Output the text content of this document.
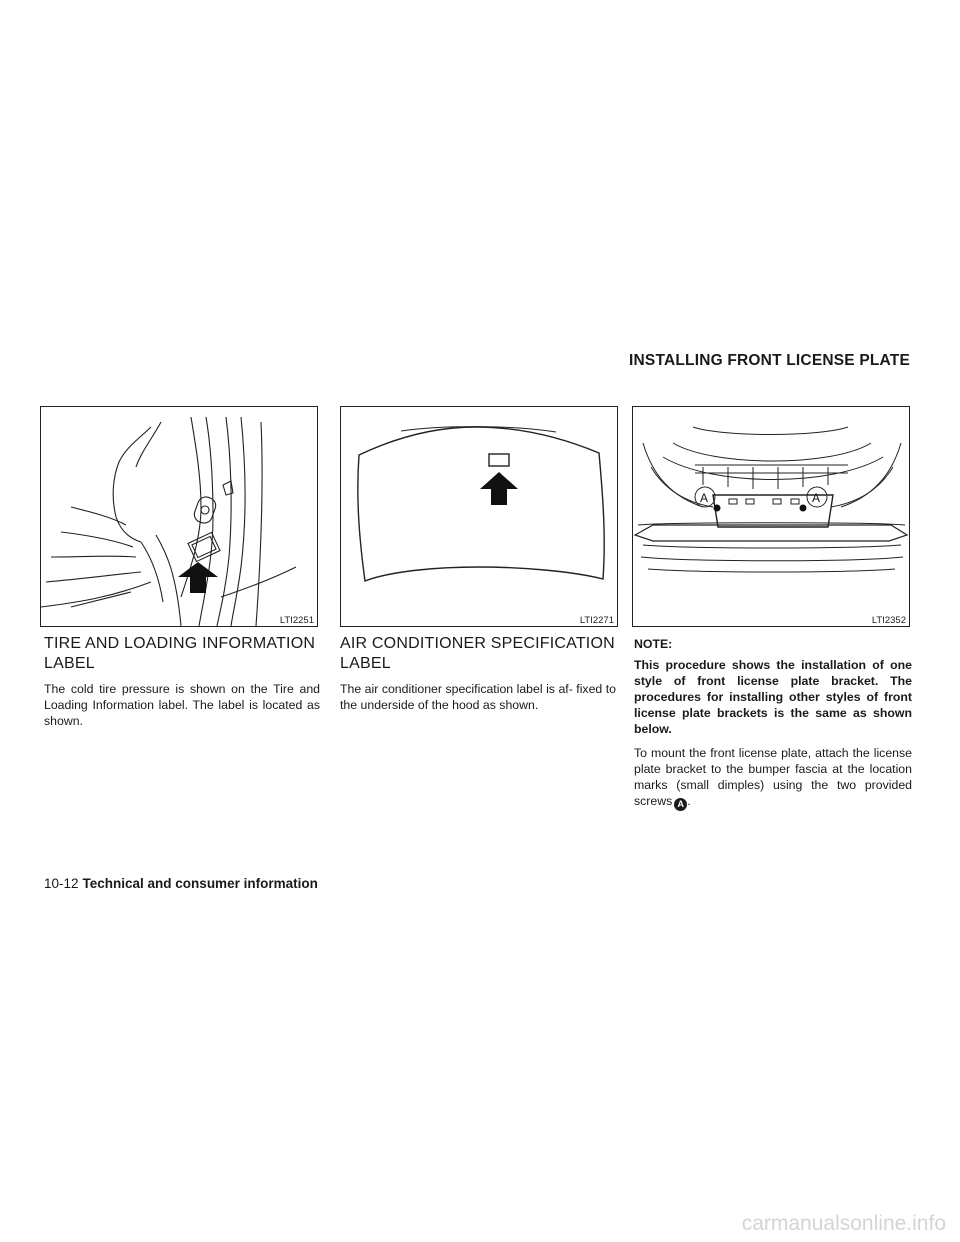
INSTALLING FRONT LICENSE PLATE
LTI2251	LTI2271
A	A
LTI2352
TIRE AND LOADING INFORMATION
LABEL
The cold tire pressure is shown on the Tire and Loading Information label. The label is located as shown.
AIR CONDITIONER SPECIFICATION
LABEL
The air conditioner specification label is af- fixed to the underside of the hood as shown.
NOTE:
This procedure shows the installation of one style of front license plate bracket. The procedures for installing other styles of front license plate brackets is the same as shown below.
To mount the front license plate, attach the license plate bracket to the bumper fascia at the location marks (small dimples) using the two provided screws A .
10-12 Technical and consumer information
carmanualsonline.info
